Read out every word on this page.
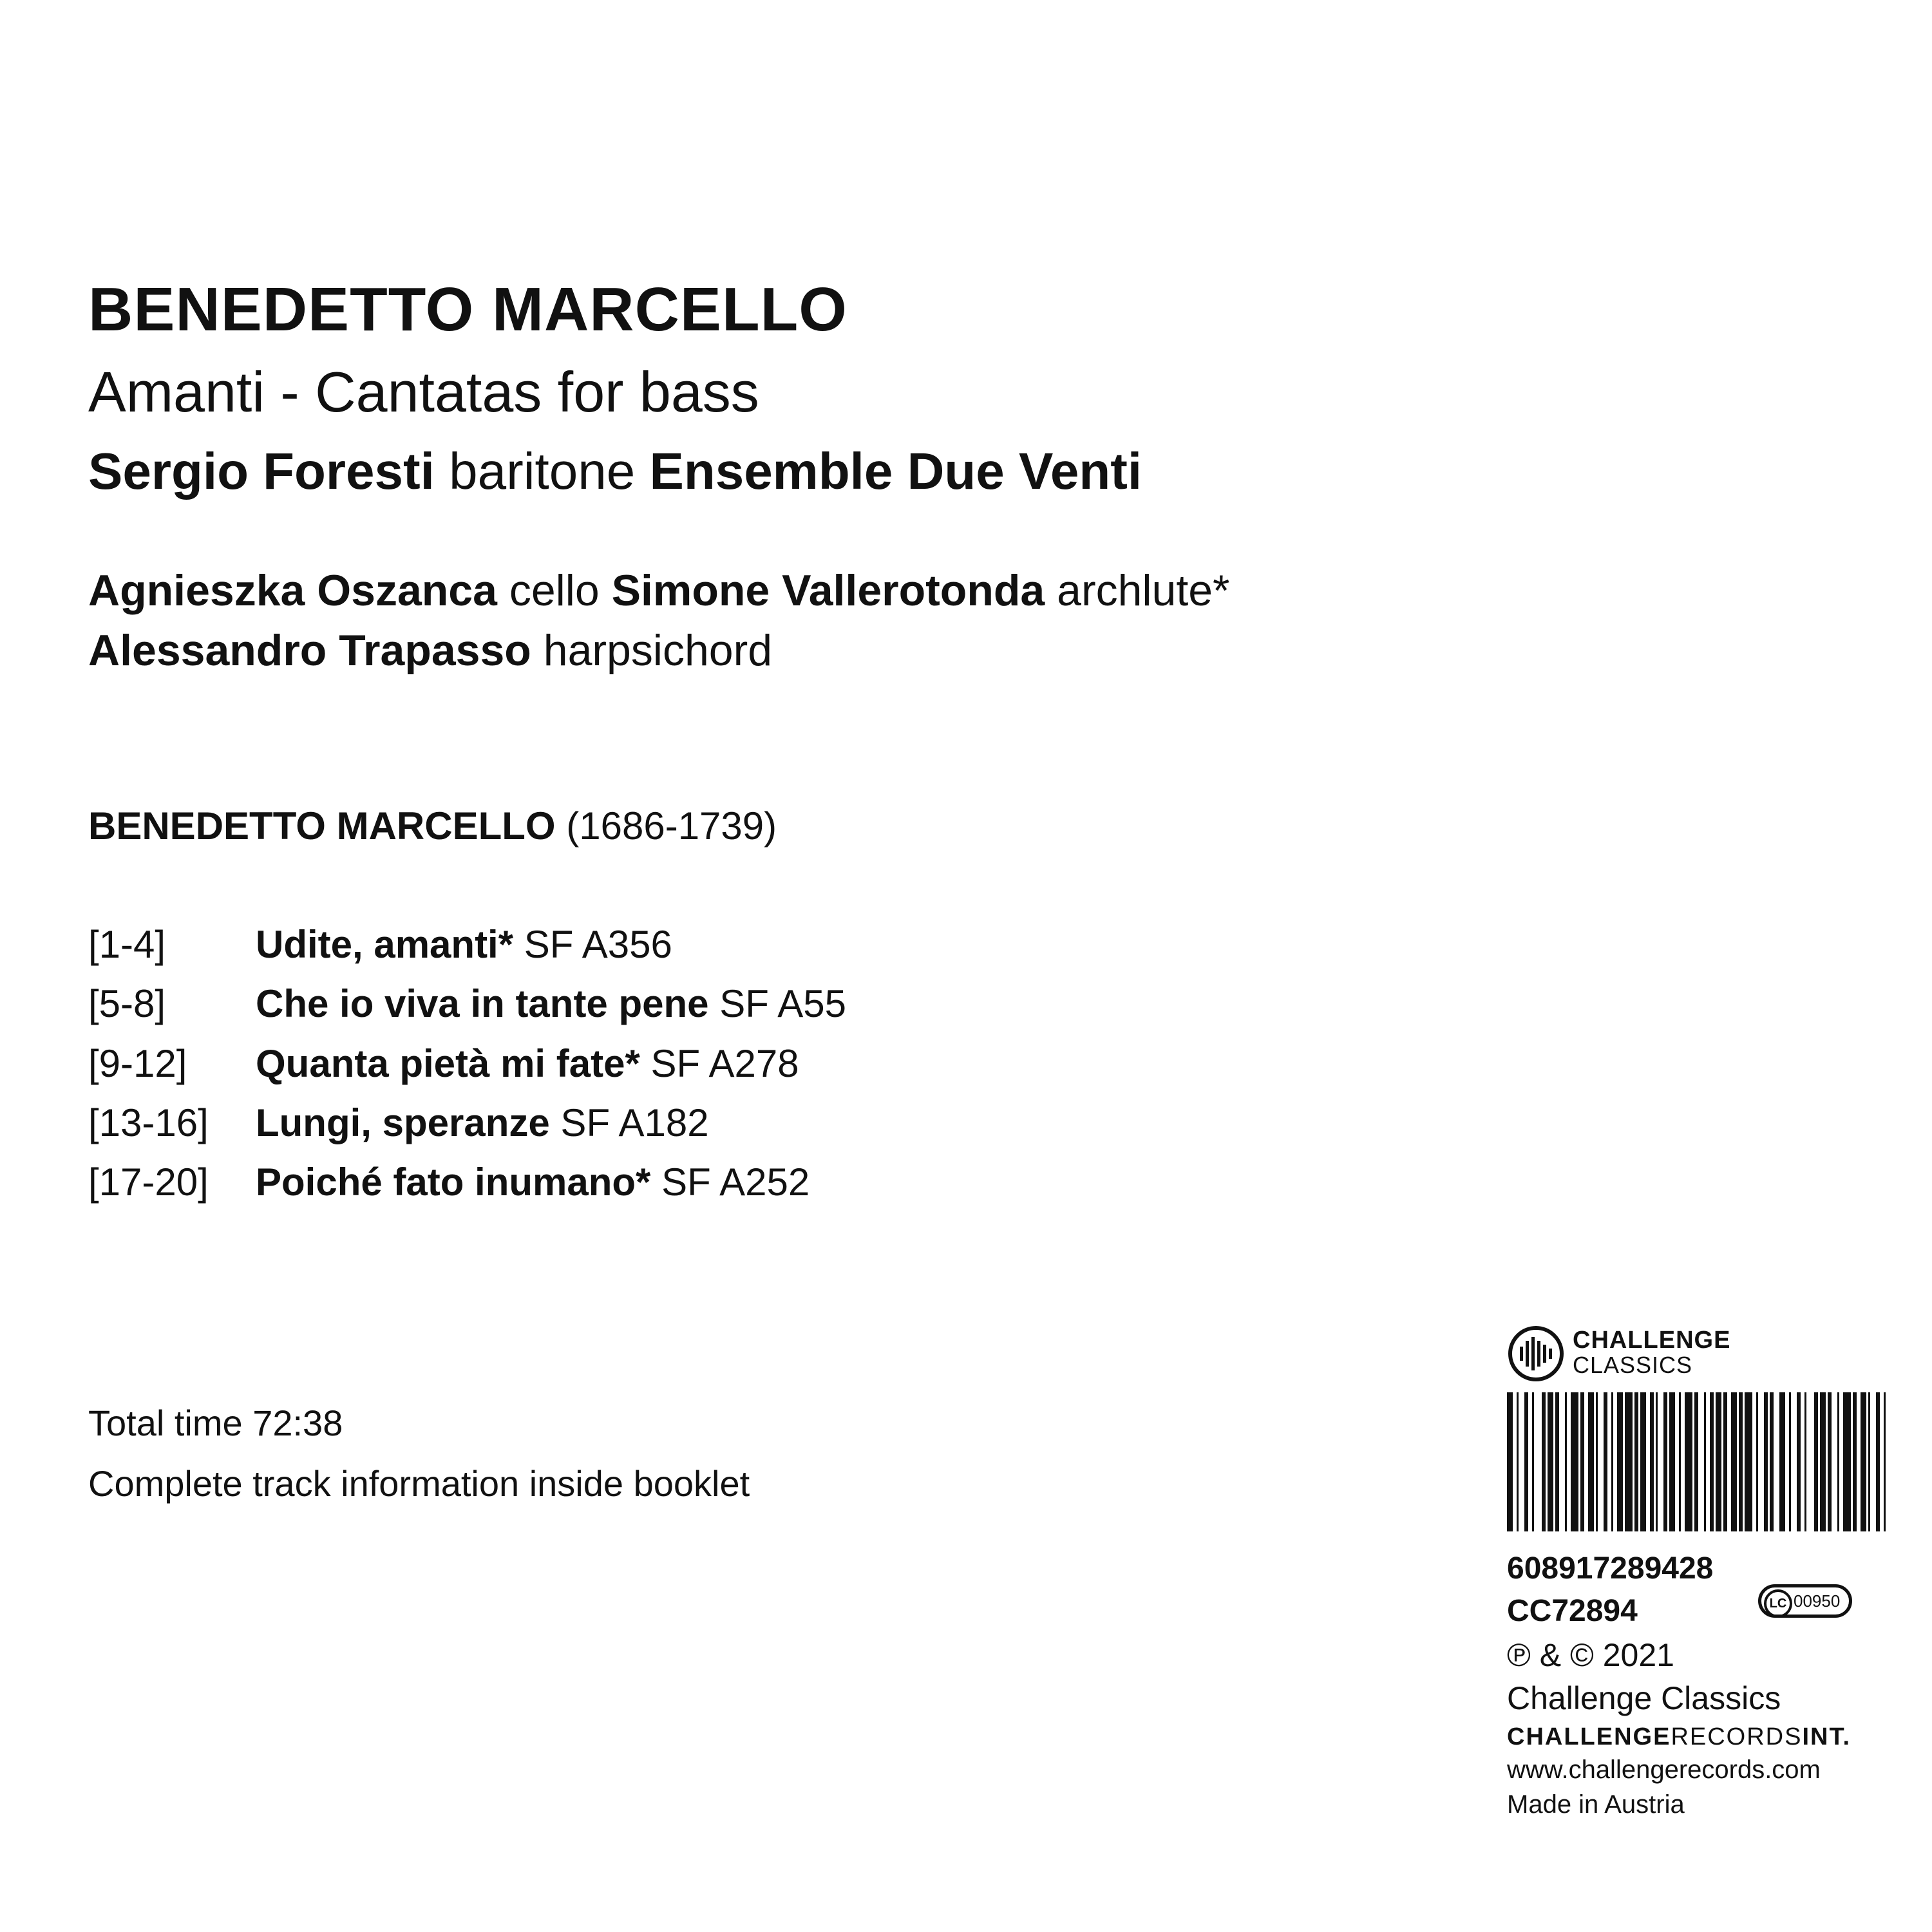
BENEDETTO MARCELLO
Amanti - Cantatas for bass
Sergio Foresti baritone Ensemble Due Venti
Agnieszka Oszanca cello Simone Vallerotonda archlute*
Alessandro Trapasso harpsichord
BENEDETTO MARCELLO (1686-1739)
[1-4] Udite, amanti* SF A356
[5-8] Che io viva in tante pene SF A55
[9-12] Quanta pietà mi fate* SF A278
[13-16] Lungi, speranze SF A182
[17-20] Poiché fato inumano* SF A252
Total time 72:38
Complete track information inside booklet
CHALLENGE
CLASSICS
608917289428
CC72894	LC 00950
℗ & © 2021
Challenge Classics
CHALLENGERECORDSINT.
www.challengerecords.com
Made in Austria
